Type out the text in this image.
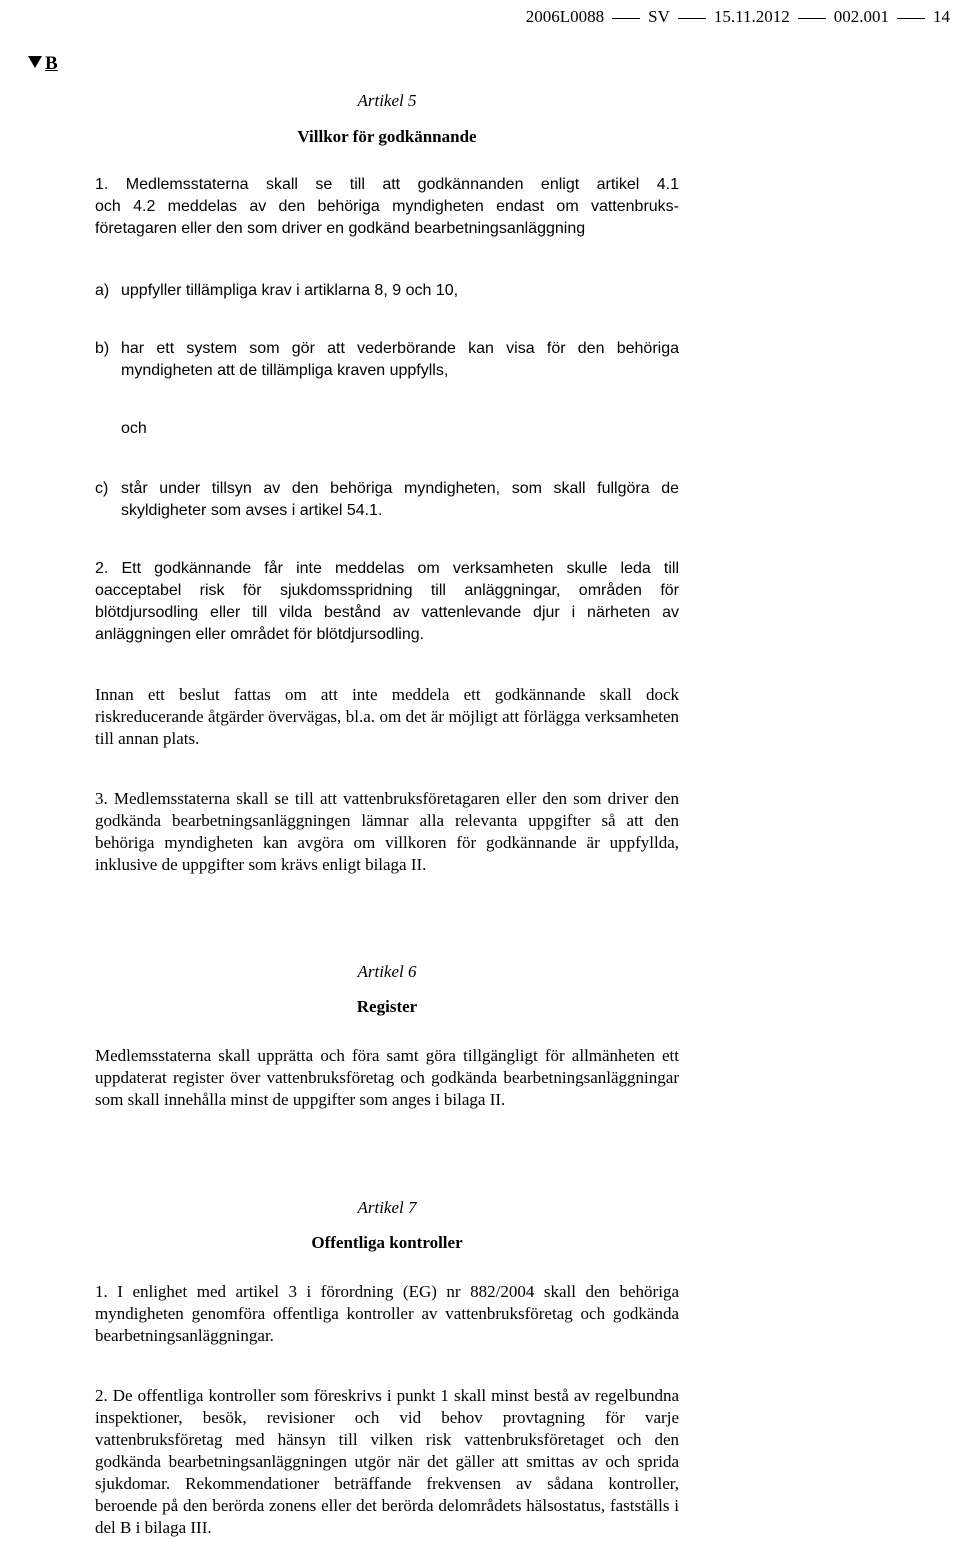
2006L0088	SV	15.11.2012	002.001	14
B
Artikel 5
Villkor för godkännande

1. Medlemsstaterna skall se till att godkännanden enligt artikel 4.1

och 4.2 meddelas av den behöriga myndigheten endast om vattenbruksföretagaren eller den som driver en godkänd bearbetningsanläggning

a) uppfyller tillämpliga krav i artiklarna 8, 9 och 10,

b) har ett system som gör att vederbörande kan visa för den behöriga myndigheten att de tillämpliga kraven uppfylls,

och
c) står under tillsyn av den behöriga myndigheten, som skall fullgöra de skyldigheter som avses i artikel 54.1.

2. Ett godkännande får inte meddelas om verksamheten skulle leda till oacceptabel risk för sjukdomsspridning till anläggningar, områden för blötdjursodling eller till vilda bestånd av vattenlevande djur i närheten av anläggningen eller området för blötdjursodling.
Innan ett beslut fattas om att inte meddela ett godkännande skall dock riskreducerande åtgärder övervägas, bl.a. om det är möjligt att förlägga verksamheten till annan plats.
3. Medlemsstaterna skall se till att vattenbruksföretagaren eller den som driver den godkända bearbetningsanläggningen lämnar alla relevanta uppgifter så att den behöriga myndigheten kan avgöra om villkoren för godkännande är uppfyllda, inklusive de uppgifter som krävs enligt bilaga II.
Artikel 6
Register
Medlemsstaterna skall upprätta och föra samt göra tillgängligt för allmänheten ett uppdaterat register över vattenbruksföretag och godkända bearbetningsanläggningar som skall innehålla minst de uppgifter som anges i bilaga II.
Artikel 7
Offentliga kontroller
1. I enlighet med artikel 3 i förordning (EG) nr 882/2004 skall den behöriga myndigheten genomföra offentliga kontroller av vattenbruksföretag och godkända bearbetningsanläggningar.
2. De offentliga kontroller som föreskrivs i punkt 1 skall minst bestå av regelbundna inspektioner, besök, revisioner och vid behov provtagning för varje vattenbruksföretag med hänsyn till vilken risk vattenbruksföretaget och den godkända bearbetningsanläggningen utgör när det gäller att smittas av och sprida sjukdomar. Rekommendationer beträffande frekvensen av sådana kontroller, beroende på den berörda zonens eller det berörda delområdets hälsostatus, fastställs i del B i bilaga III.
